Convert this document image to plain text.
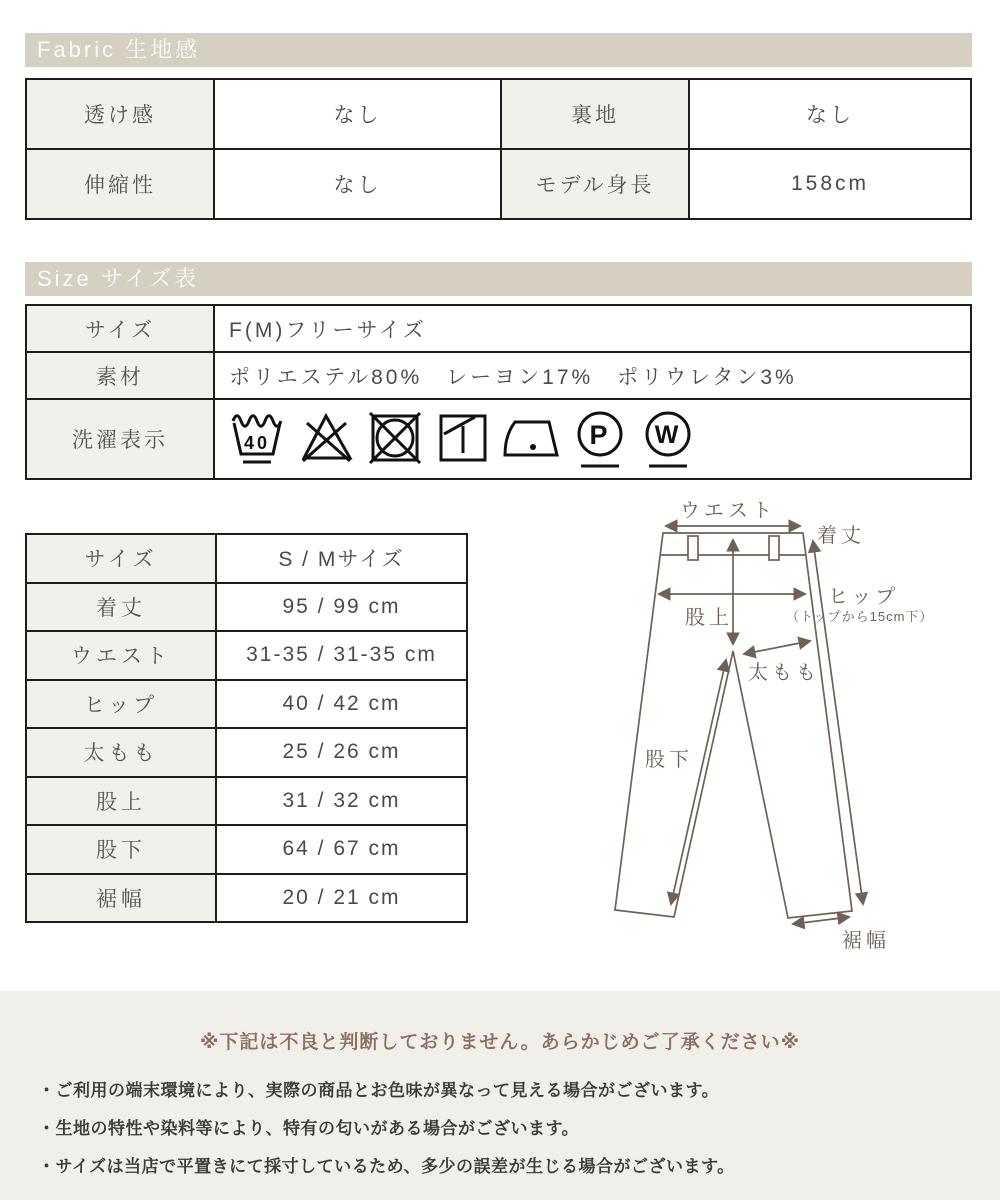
Fabric 生地感
透け感	なし	裏地	なし
伸縮性	なし	モデル身長	158cm
Size サイズ表
サイズ	F(M)フリーサイズ
素材	ポリエステル80%　レーヨン17%　ポリウレタン3%
洗濯表示	40	P W
サイズ	S / Mサイズ
着丈	95 / 99 cm
ウエスト	31-35 / 31-35 cm
ヒップ	40 / 42 cm
太もも	25 / 26 cm
股上	31 / 32 cm
股下	64 / 67 cm
裾幅	20 / 21 cm
ウエスト
着丈
ヒップ
（トップから15cm下）
股上
太もも
股下
裾幅
※下記は不良と判断しておりません。あらかじめご了承ください※
・ご利用の端末環境により、実際の商品とお色味が異なって見える場合がございます。
・生地の特性や染料等により、特有の匂いがある場合がございます。
・サイズは当店で平置きにて採寸しているため、多少の誤差が生じる場合がございます。
